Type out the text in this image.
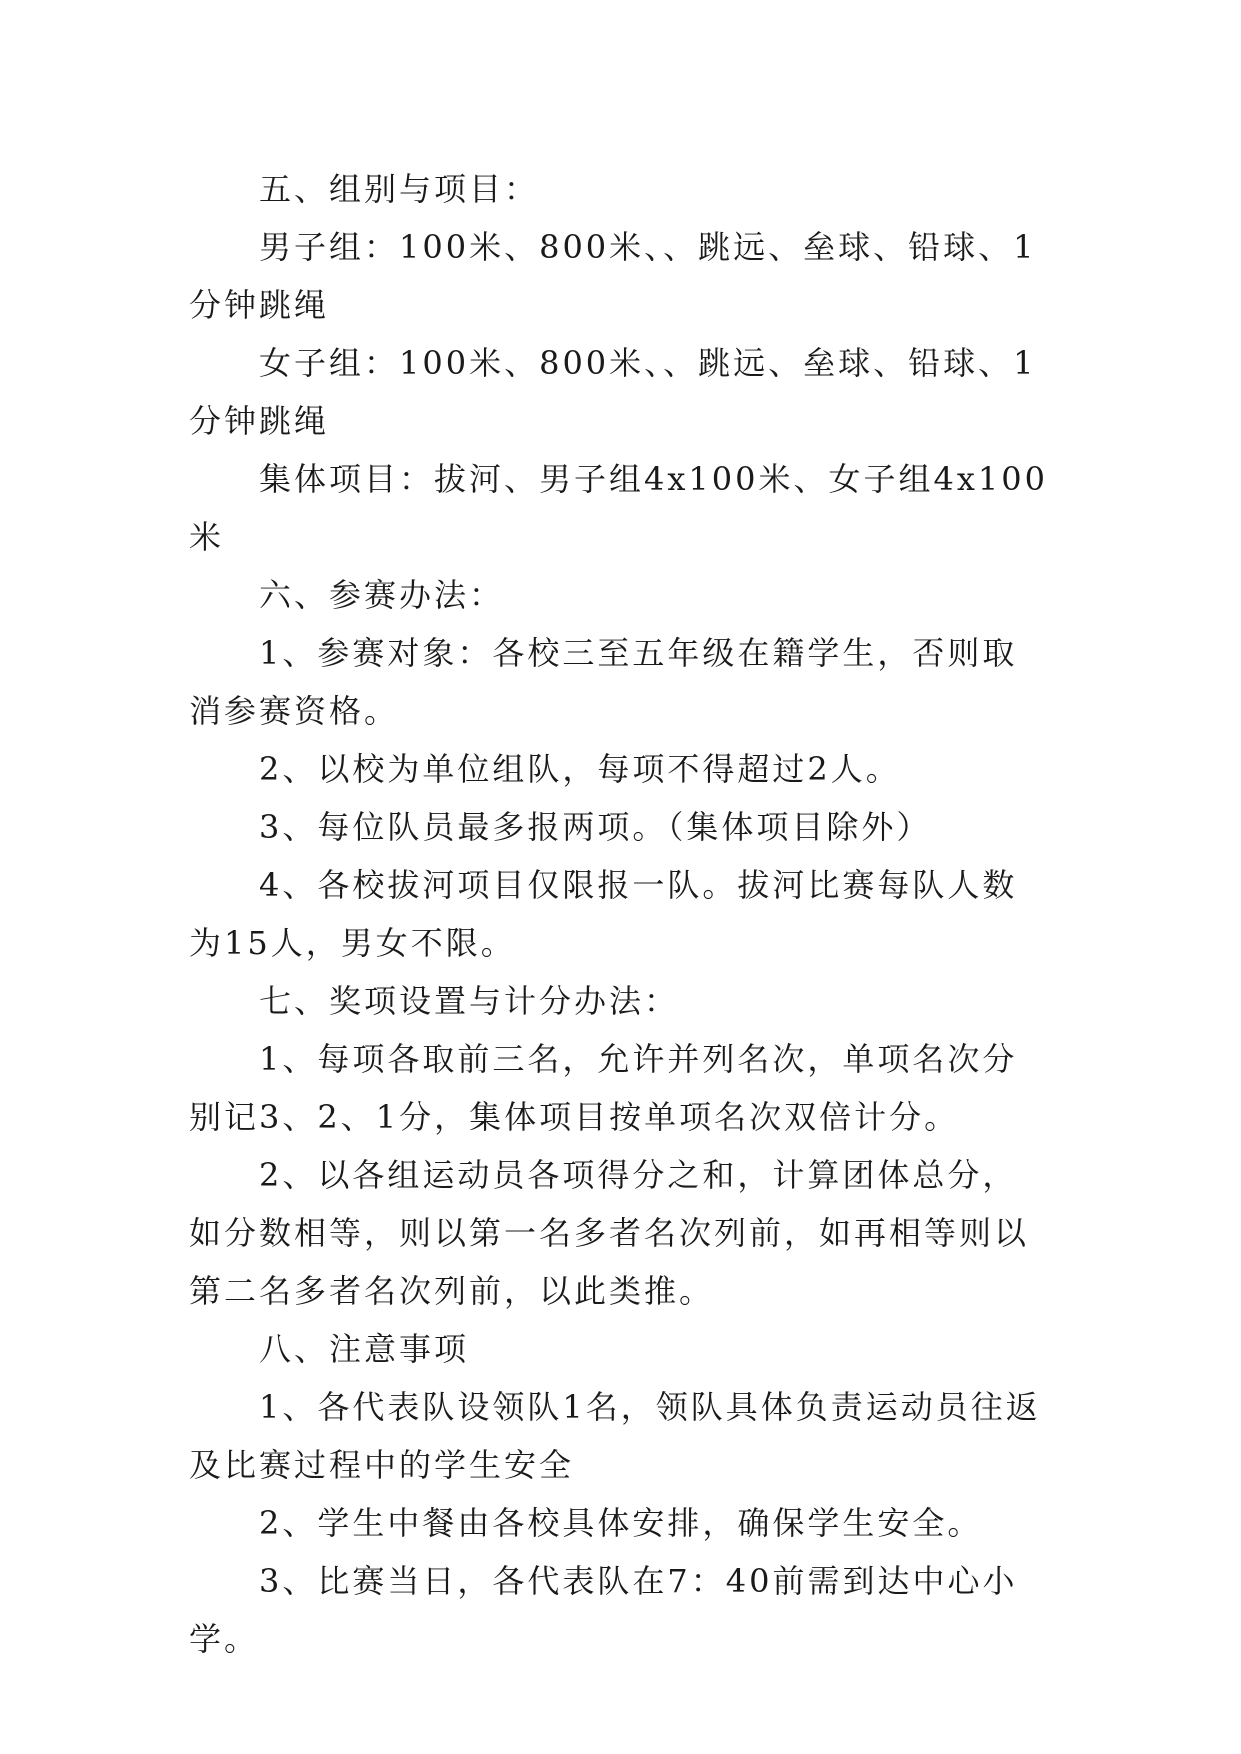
五、组别与项目：

男子组：100米、800米、、跳远、垒球、铅球、1分钟跳绳

女子组：100米、800米、、跳远、垒球、铅球、1分钟跳绳

集体项目：拔河、男子组4x100米、女子组4x100米

六、参赛办法：

1、参赛对象：各校三至五年级在籍学生，否则取消参赛资格。

2、以校为单位组队，每项不得超过2人。

3、每位队员最多报两项。（集体项目除外）

4、各校拔河项目仅限报一队。拔河比赛每队人数为15人，男女不限。

七、奖项设置与计分办法：

1、每项各取前三名，允许并列名次，单项名次分别记3、2、1分，集体项目按单项名次双倍计分。

2、以各组运动员各项得分之和，计算团体总分，如分数相等，则以第一名多者名次列前，如再相等则以第二名多者名次列前，以此类推。

八、注意事项

1、各代表队设领队1名，领队具体负责运动员往返及比赛过程中的学生安全

2、学生中餐由各校具体安排，确保学生安全。

3、比赛当日，各代表队在7：40前需到达中心小学。
